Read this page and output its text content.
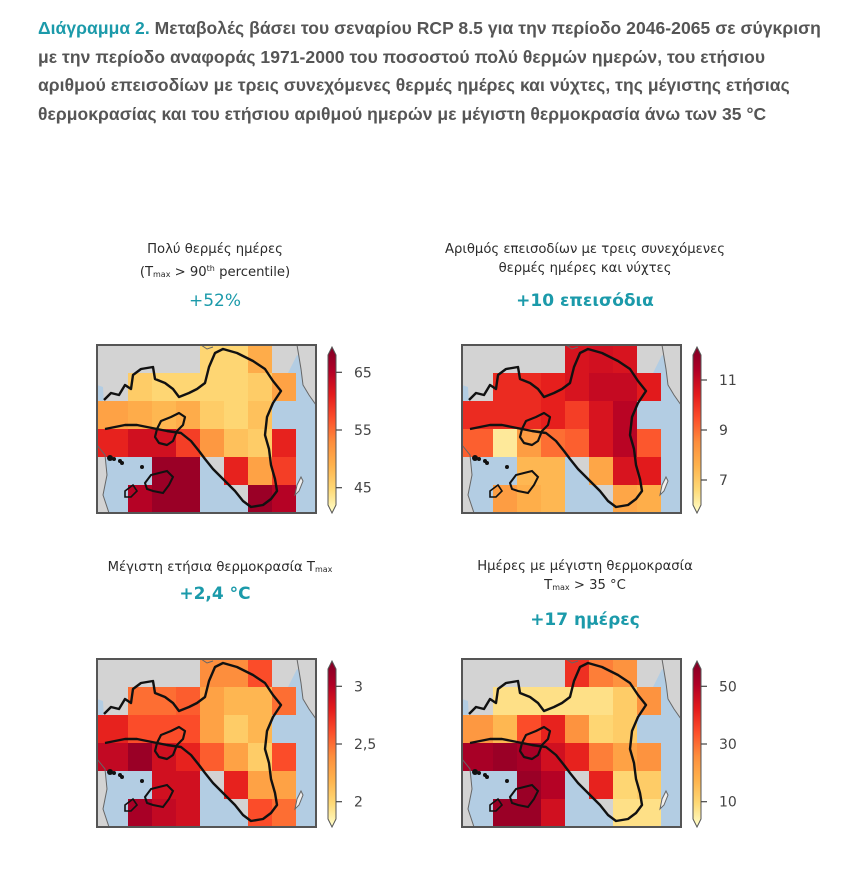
Διάγραμμα 2. Μεταβολές βάσει του σεναρίου RCP 8.5 για την περίοδο 2046-2065 σε σύγκριση με την περίοδο αναφοράς 1971-2000 του ποσοστού πολύ θερμών ημερών, του ετήσιου αριθμού επεισοδίων με τρεις συνεχόμενες θερμές ημέρες και νύχτες, της μέγιστης ετήσιας θερμοκρασίας και του ετήσιου αριθμού ημερών με μέγιστη θερμοκρασία άνω των 35 °C
Πολύ θερμές ημέρες
($T_{max} > 90th$ percentile)
+52%
Αριθμός επεισοδίων με τρεις συνεχόμενες
θερμές ημέρες και νύχτες
+10 επεισόδια
Μέγιστη ετήσια θερμοκρασία $T_{max}$
+2,4 °C
Ημέρες με μέγιστη θερμοκρασία
$T_{max} > 35$ °C
+17 ημέρες
45
55
65
7
9
11
2
2,5
3
10
30
50
